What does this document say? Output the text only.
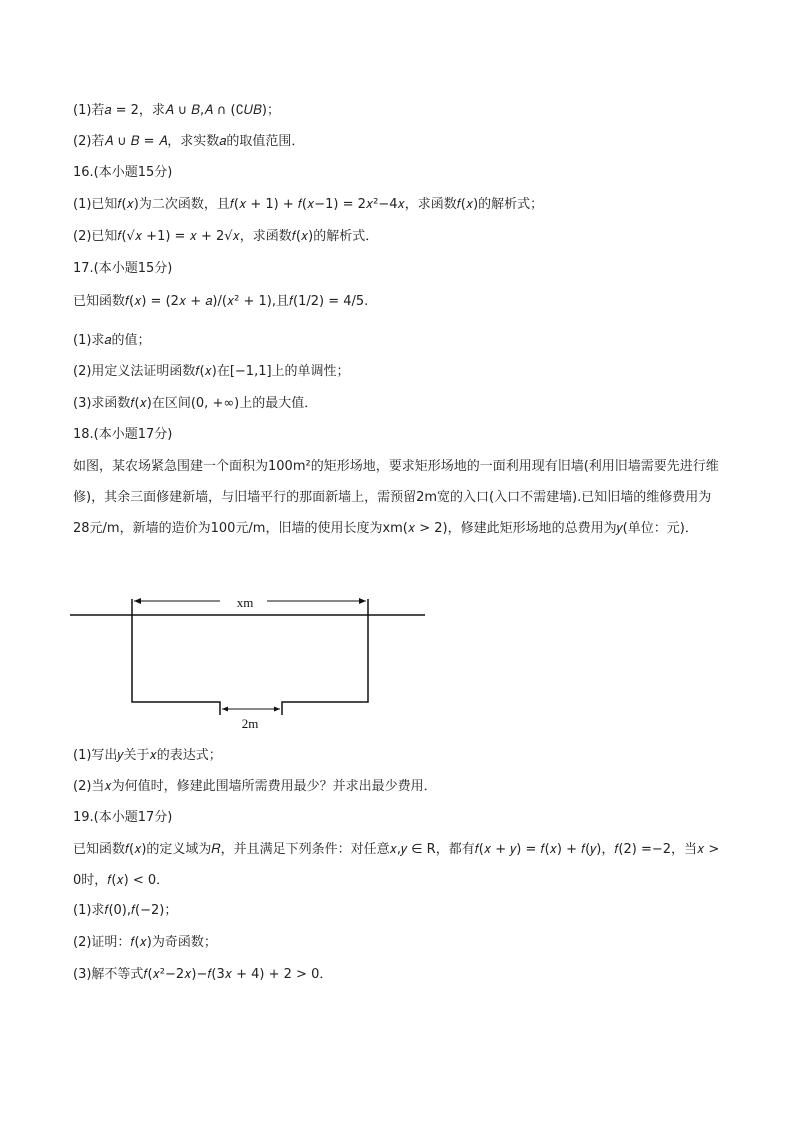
(1)若𝑎 = 2，求𝐴 ∪ 𝐵,𝐴 ∩ (∁𝑈𝐵)；
(2)若𝐴 ∪ 𝐵 = 𝐴，求实数𝑎的取值范围．
16.(本小题15分)
(1)已知𝑓(𝑥)为二次函数，且𝑓(𝑥 + 1) + 𝑓(𝑥−1) = 2𝑥²−4𝑥，求函数𝑓(𝑥)的解析式；
(2)已知𝑓(√𝑥 +1) = 𝑥 + 2√𝑥，求函数𝑓(𝑥)的解析式．
17.(本小题15分)
已知函数𝑓(𝑥) = (2𝑥 + 𝑎)/(𝑥² + 1),且𝑓(1/2) = 4/5.
(1)求𝑎的值；
(2)用定义法证明函数𝑓(𝑥)在[−1,1]上的单调性；
(3)求函数𝑓(𝑥)在区间(0, +∞)上的最大值．
18.(本小题17分)
如图，某农场紧急围建一个面积为100m²的矩形场地，要求矩形场地的一面利用现有旧墙(利用旧墙需要先进行维修)，其余三面修建新墙，与旧墙平行的那面新墙上，需预留2m宽的入口(入口不需建墙).已知旧墙的维修费用为28元/m，新墙的造价为100元/m，旧墙的使用长度为xm(𝑥 > 2)，修建此矩形场地的总费用为𝑦(单位：元)．
xm
2m
(1)写出𝑦关于𝑥的表达式；
(2)当𝑥为何值时，修建此围墙所需费用最少？并求出最少费用．
19.(本小题17分)
已知函数𝑓(𝑥)的定义域为𝑅，并且满足下列条件：对任意𝑥,𝑦 ∈ R，都有𝑓(𝑥 + 𝑦) = 𝑓(𝑥) + 𝑓(𝑦)，𝑓(2) =−2，当𝑥 > 0时，𝑓(𝑥) < 0．
(1)求𝑓(0),𝑓(−2)；
(2)证明：𝑓(𝑥)为奇函数；
(3)解不等式𝑓(𝑥²−2𝑥)−𝑓(3𝑥 + 4) + 2 > 0．
